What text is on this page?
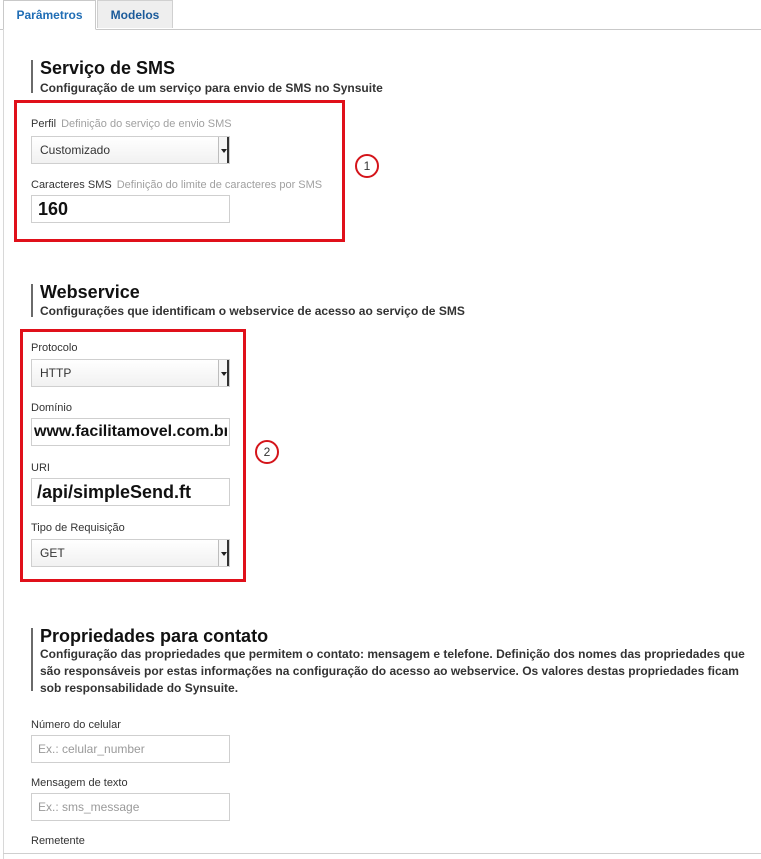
Parâmetros	Modelos
Serviço de SMS

Configuração de um serviço para envio de SMS no Synsuite

Perfil Definição do serviço de envio SMS
Customizado
Caracteres SMS Definição do limite de caracteres por SMS
160
1
Webservice

Configurações que identificam o webservice de acesso ao serviço de SMS

Protocolo
HTTP
Domínio
www.facilitamovel.com.br
URI
/api/simpleSend.ft
Tipo de Requisição
GET
2
Propriedades para contato

Configuração das propriedades que permitem o contato: mensagem e telefone. Definição dos nomes das propriedades que

são responsáveis por estas informações na configuração do acesso ao webservice. Os valores destas propriedades ficam

sob responsabilidade do Synsuite.

Número do celular
Ex.: celular_number
Mensagem de texto
Ex.: sms_message
Remetente
